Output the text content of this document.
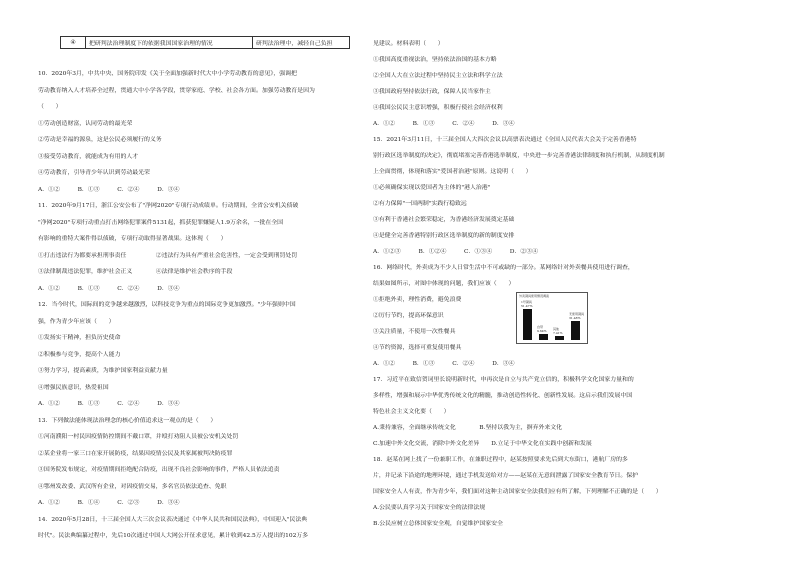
④	把研判法治理制度下的依据我国国家治理的情况	研判法治理中，减轻自己负担
10．2020年3月，中共中央、国务院印发《关于全面加强新时代大中小学劳动教育的意见》，强调把
劳动教育纳入人才培养全过程，贯通大中小学各学段，贯穿家庭、学校、社会各方面。加强劳动教育是因为
（　　）
①劳动创造财富，认同劳动的最光荣
②劳动是幸福的源泉，这是公民必须履行的义务
③接受劳动教育，就能成为有用的人才
④劳动教育，引导青少年认识到劳动最光荣
A．①②　　　B．①③　　　C．②④　　　D．③④
11．2020年9月17日，浙江公安公布了"净网2020"专项行动成绩单。行动期间，全省公安机关侦破
"净网2020"专项行动重点打击网络犯罪案件5131起，抓获犯罪嫌疑人1.9万余名，一批在全国
有影响的重特大案件得以侦破，专项行动取得显著战果。这体现（　　）
①打击违法行为都要承担刑事责任　　　　　②违法行为具有严重社会危害性，一定会受到刑罚处罚
③法律制裁违法犯罪，维护社会正义　　　　④法律是维护社会秩序的手段
A．①②　　　B．①③　　　C．②④　　　D．③④
12．当今时代，国际间的竞争越来越激烈，以科技竞争为重点的国际竞争更加激烈。"少年强则中国
强，作为青少年应该（　　）
①发扬实干精神，担负历史使命
②积极参与竞争，提高个人能力
③努力学习，提高素质，为维护国家利益贡献力量
④增强民族意识，热爱祖国
A．①②　　　B．①③　　　C．②④　　　D．③④
13．下列做法能体现法治理念的核心价值追求这一观点的是（　　）
①河南濮阳一村民因疫情防控期间不戴口罩，并殴打劝阻人员被公安机关处罚
②某企业将一家三口在家开展防疫，结果因疫情公民及其家属被判决防疫罪
③国务院发布规定，对疫情期间拒绝配合防疫，出现不良社会影响的事件，严格人员依法追责
④鄂州发改委、武汉所有企业，对因疫情交易，多名官员依法追查、免职
A．①②　　　B．①④　　　C．②③　　　D．③④
14．2020年5月28日，十三届全国人大三次会议表决通过《中华人民共和国民法典》，中国迎入"民法典
时代"。民法典编纂过程中，先后10次通过中国人大网公开征求意见，累计收到42.5万人提出的102万多
见建议。材料表明（　　）
①我国高度重视法治，坚持依法治国的基本方略
②全国人大在立法过程中坚持民主立法和科学立法
③我国政府坚持依法行政，保障人民当家作主
④我国公民民主意识增强，积极行使社会经济权利
A．①②　　　B．①③　　　C．②④　　　D．③④
15．2021年3月11日，十三届全国人大四次会议以高票表决通过《全国人民代表大会关于完善香港特
别行政区选举制度的决定》，彻底堵塞完善香港选举制度，中央进一步完善香港法律制度和执行机制，从制度机制
上全面贯彻，体现和落实"爱国者治港"原则。这说明（　　）
①必须确保实现以爱国者为主体的"港人治港"
②有力保障"一国两制"实践行稳致远
③有利于香港社会繁荣稳定，为香港经济发展奠定基础
④是健全完善香港特别行政区选举制度的新的制度安排
A．①②③　　　B．①②④　　　C．①③④　　　D．②③④
16．网络时代，外卖成为不少人日常生活中不可或缺的一部分。某网络针对外卖餐具使用进行调查，
结果如图所示，对图中体现的问题，我们应该（　　）
①拒绝外卖，理性消费，避免浪费
②厉行节约，提高环保意识
③关注质量，不使用一次性餐具
④节约资源，选择可重复使用餐具
A．①②　　　B．①③　　　C．②④　　　D．③④
17．习近平在致信贺词里长说明新时代，申再次是自立与共产党立信的，积极科学文化国家力量和的
多样性，增强和展示中华优秀传统文化的精髓，推动创造性转化、创新性发展。这启示我们发展中国
特色社会主义文化要（　　）
A.秉持兼容，全面继承传统文化　　　　B.坚持以我为主，摒弃外来文化
C.加速中外文化交流，消除中外文化差异　　D.立足于中华文化在实践中创新和发展
18．赵某在网上找了一份兼职工作，在兼职过程中，赵某按照要求先后到大东街口，港航厂房的多
片，并记录下沿途的地理环境，通过手机发送给对方——赵某在无意间泄露了国家安全教育节日。保护
国家安全人人有责，作为青少年，我们面对这种主动国家安全法我们应有所了解，下列理解不正确的是（　　）
A.公民要认真学习关于国家安全的法律法规
B.公民应树立总体国家安全观，自觉维护国家安全
外卖餐具使用情况调查
51.47%
1号餐具
9.64%
自带
7.41%
其他
31.48%
无使用餐具
